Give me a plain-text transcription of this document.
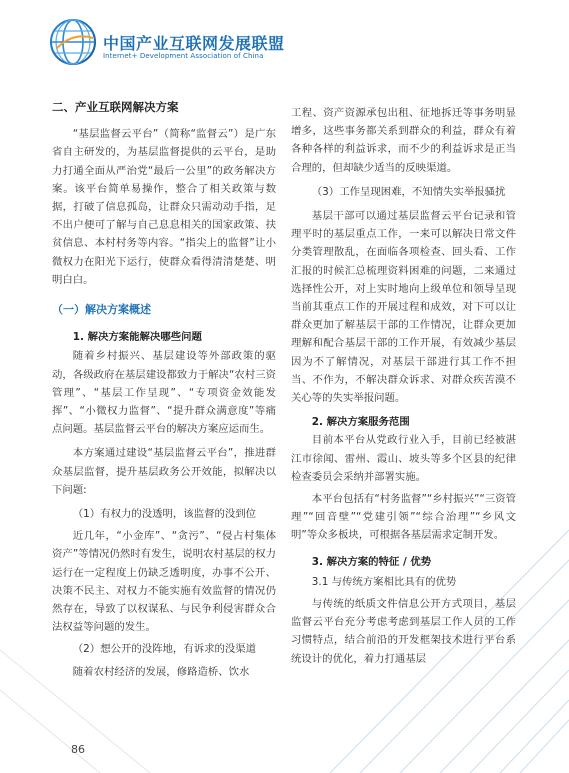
中国产业互联网发展联盟
Internet+ Development Association of China

二、产业互联网解决方案

“基层监督云平台”（简称“监督云”）是广东省自主研发的，为基层监督提供的云平台，是助力打通全面从严治党“最后一公里”的政务解决方案。该平台简单易操作，整合了相关政策与数据，打破了信息孤岛，让群众只需动动手指，足不出户便可了解与自己息息相关的国家政策、扶贫信息、本村村务等内容。“指尖上的监督”让小微权力在阳光下运行，使群众看得清清楚楚、明明白白。

（一）解决方案概述

1. 解决方案能解决哪些问题

随着乡村振兴、基层建设等外部政策的驱动，各级政府在基层建设都致力于解决“农村三资管理”、“基层工作呈现”、“专项资金效能发挥”、“小微权力监督”、“提升群众满意度”等痛点问题。基层监督云平台的解决方案应运而生。

本方案通过建设“基层监督云平台”，推进群众基层监督，提升基层政务公开效能，拟解决以下问题:

（1）有权力的没透明，该监督的没到位

近几年，“小金库”、“贪污”、“侵占村集体资产”等情况仍然时有发生，说明农村基层的权力运行在一定程度上仍缺乏透明度，办事不公开、决策不民主、对权力不能实施有效监督的情况仍然存在，导致了以权谋私、与民争利侵害群众合法权益等问题的发生。

（2）想公开的没阵地，有诉求的没渠道

随着农村经济的发展，修路造桥、饮水

工程、资产资源承包出租、征地拆迁等事务明显增多，这些事务都关系到群众的利益，群众有着各种各样的利益诉求，而不少的利益诉求是正当合理的，但却缺少适当的反映渠道。

（3）工作呈现困难，不知情失实举报骚扰

基层干部可以通过基层监督云平台记录和管理平时的基层重点工作，一来可以解决日常文件分类管理散乱，在面临各项检查、回头看、工作汇报的时候汇总梳理资料困难的问题，二来通过选择性公开，对上实时地向上级单位和领导呈现当前其重点工作的开展过程和成效，对下可以让群众更加了解基层干部的工作情况，让群众更加理解和配合基层干部的工作开展，有效减少基层因为不了解情况，对基层干部进行其工作不担当、不作为，不解决群众诉求、对群众疾苦漠不关心等的失实举报问题。

2. 解决方案服务范围

目前本平台从党政行业入手，目前已经被湛江市徐闻、雷州、霞山、坡头等多个区县的纪律检查委员会采纳并部署实施。

本平台包括有“村务监督”“乡村振兴”“三资管理”“回音壁”“党建引领”“综合治理”“乡风文明”等众多板块，可根据各基层需求定制开发。

3. 解决方案的特征 / 优势

3.1 与传统方案相比具有的优势

与传统的纸质文件信息公开方式项目，基层监督云平台充分考虑考虑到基层工作人员的工作习惯特点，结合前沿的开发框架技术进行平台系统设计的优化，着力打通基层

86
